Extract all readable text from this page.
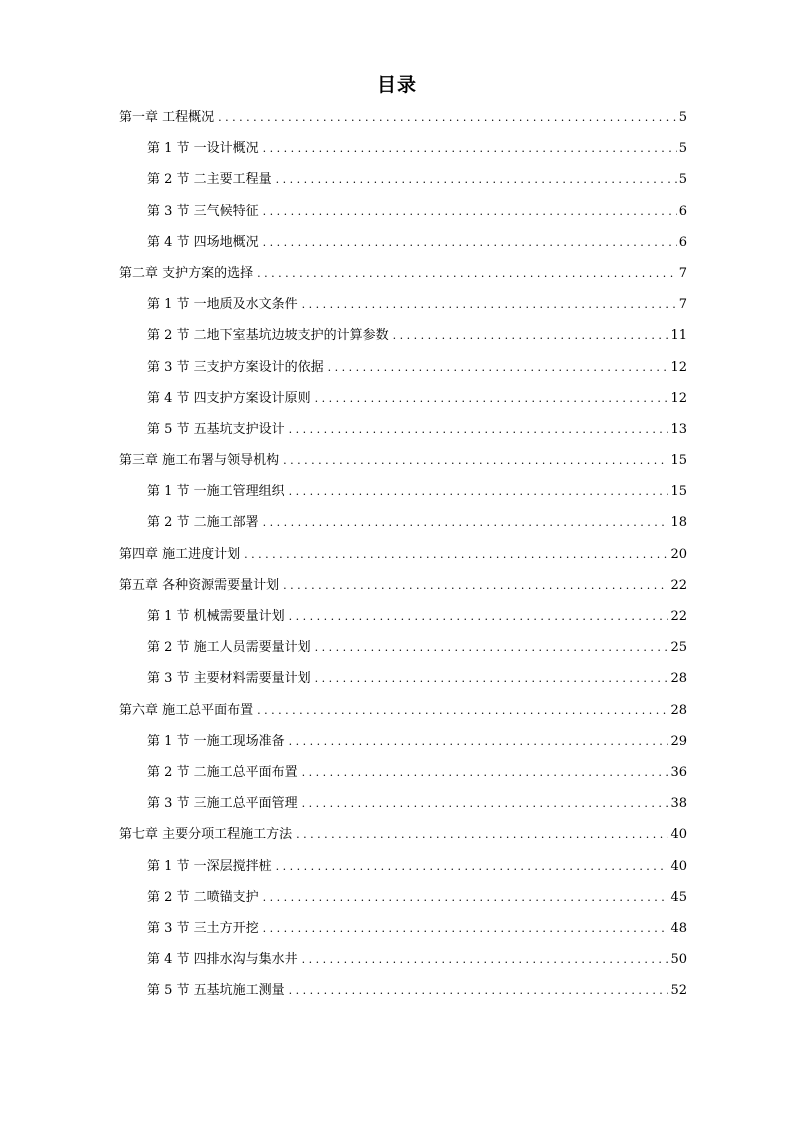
目录
第一章 工程概况 . . .	5
第 1 节 一设计概况 . . .	5
第 2 节 二主要工程量 . . .	5
第 3 节 三气候特征 . . .	6
第 4 节 四场地概况 . . .	6
第二章 支护方案的选择 . . .	7
第 1 节 一地质及水文条件 . . .	7
第 2 节 二地下室基坑边坡支护的计算参数 . . .	11
第 3 节 三支护方案设计的依据 . . .	12
第 4 节 四支护方案设计原则 . . .	12
第 5 节 五基坑支护设计 . . .	13
第三章 施工布署与领导机构 . . .	15
第 1 节 一施工管理组织 . . .	15
第 2 节 二施工部署 . . .	18
第四章 施工进度计划 . . .	20
第五章 各种资源需要量计划 . . .	22
第 1 节 机械需要量计划 . . .	22
第 2 节 施工人员需要量计划 . . .	25
第 3 节 主要材料需要量计划 . . .	28
第六章 施工总平面布置 . . .	28
第 1 节 一施工现场准备 . . .	29
第 2 节 二施工总平面布置 . . .	36
第 3 节 三施工总平面管理 . . .	38
第七章 主要分项工程施工方法 . . .	40
第 1 节 一深层搅拌桩 . . .	40
第 2 节 二喷锚支护 . . .	45
第 3 节 三土方开挖 . . .	48
第 4 节 四排水沟与集水井 . . .	50
第 5 节 五基坑施工测量 . . .	52
